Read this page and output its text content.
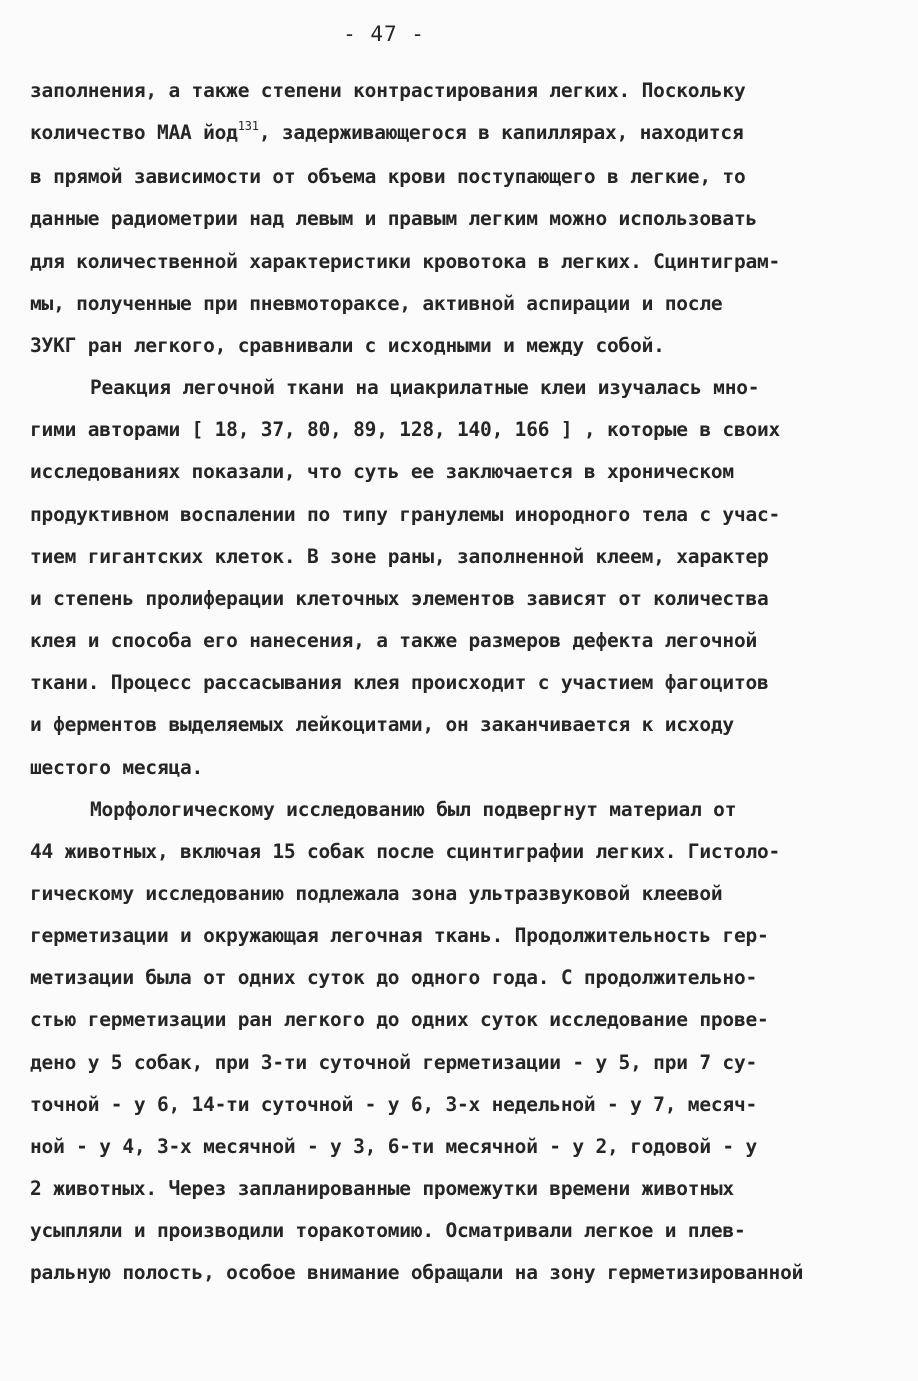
- 47 -
заполнения, а также степени контрастирования легких. Поскольку
количество МАА йод$^{131}$, задерживающегося в капиллярах, находится
в прямой зависимости от объема крови поступающего в легкие, то
данные радиометрии над левым и правым легким можно использовать
для количественной характеристики кровотока в легких. Сцинтиграм-
мы, полученные при пневмотораксе, активной аспирации и после
ЗУКГ ран легкого, сравнивали с исходными и между собой.
Реакция легочной ткани на циакрилатные клеи изучалась мно-
гими авторами [ 18, 37, 80, 89, 128, 140, 166 ] , которые в своих
исследованиях показали, что суть ее заключается в хроническом
продуктивном воспалении по типу гранулемы инородного тела с учас-
тием гигантских клеток. В зоне раны, заполненной клеем, характер
и степень пролиферации клеточных элементов зависят от количества
клея и способа его нанесения, а также размеров дефекта легочной
ткани. Процесс рассасывания клея происходит с участием фагоцитов
и ферментов выделяемых лейкоцитами, он заканчивается к исходу
шестого месяца.
Морфологическому исследованию был подвергнут материал от
44 животных, включая 15 собак после сцинтиграфии легких. Гистоло-
гическому исследованию подлежала зона ультразвуковой клеевой
герметизации и окружающая легочная ткань. Продолжительность гер-
метизации была от одних суток до одного года. С продолжительно-
стью герметизации ран легкого до одних суток исследование прове-
дено у 5 собак, при 3-ти суточной герметизации - у 5, при 7 су-
точной - у 6, 14-ти суточной - у 6, 3-х недельной - у 7, месяч-
ной - у 4, 3-х месячной - у 3, 6-ти месячной - у 2, годовой - у
2 животных. Через запланированные промежутки времени животных
усыпляли и производили торакотомию. Осматривали легкое и плев-
ральную полость, особое внимание обращали на зону герметизированной
